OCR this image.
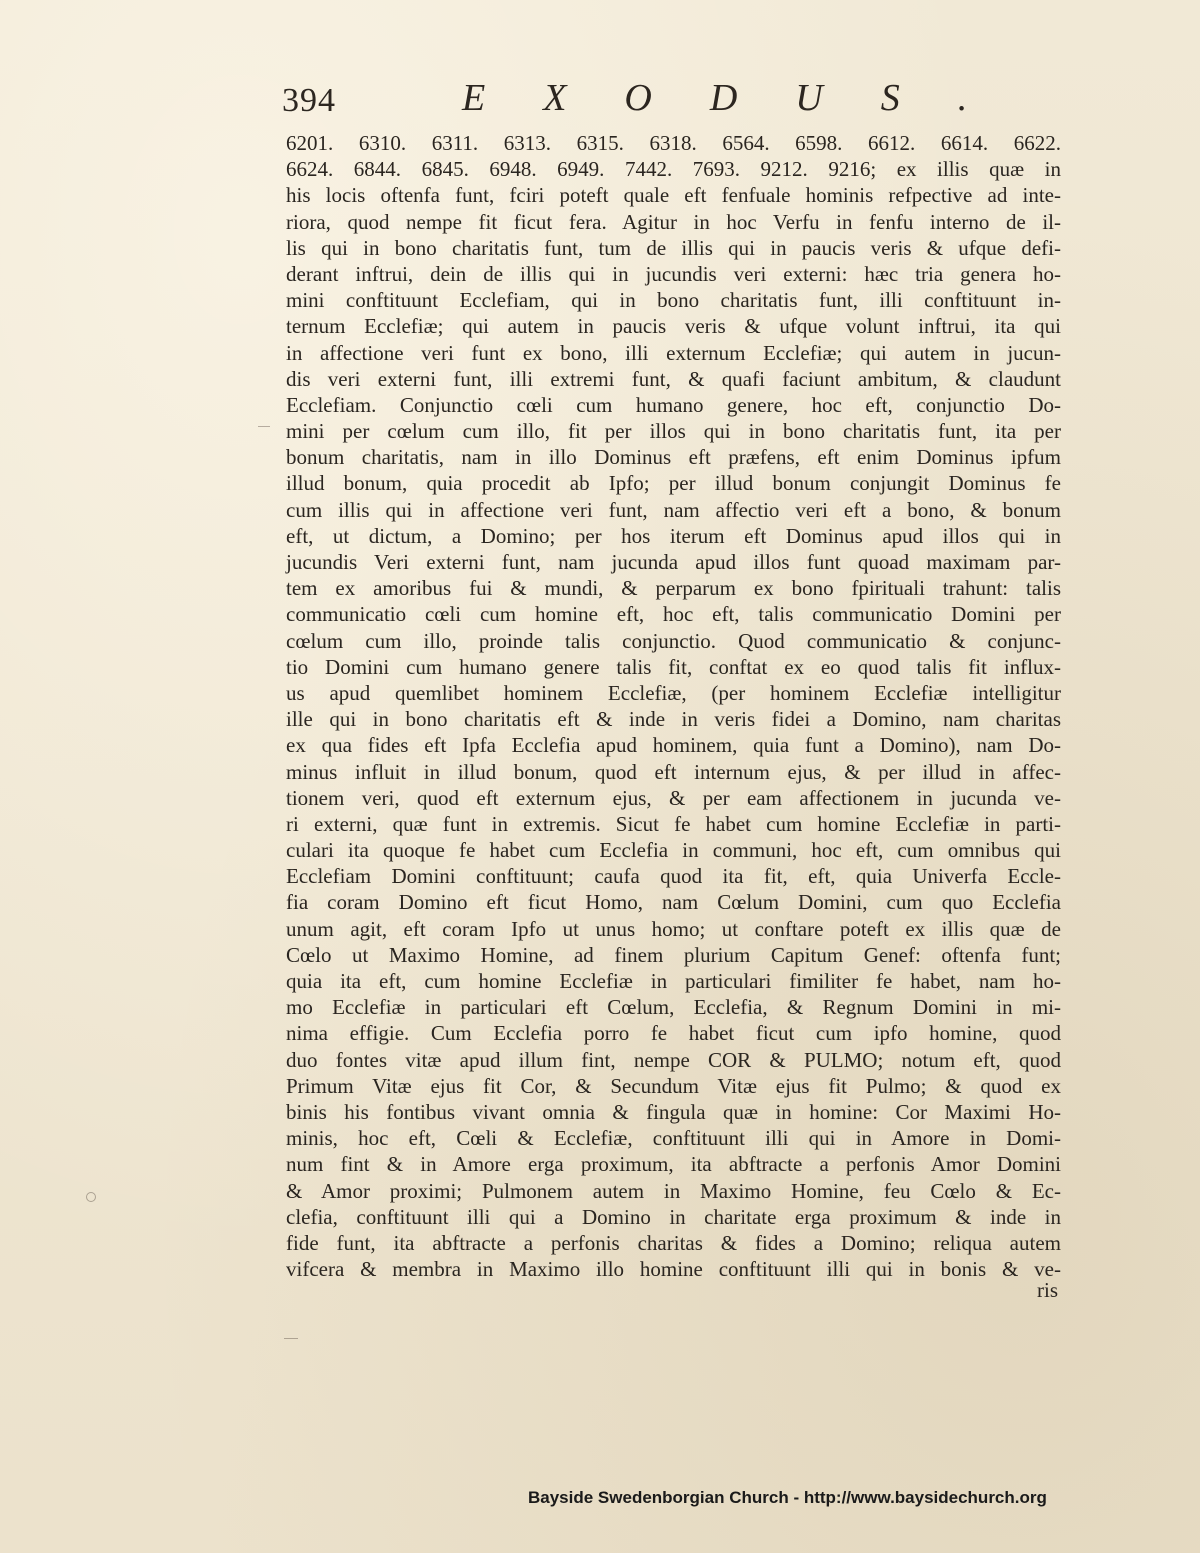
394	EXODUS.
6201. 6310. 6311. 6313. 6315. 6318. 6564. 6598. 6612. 6614. 6622.
6624. 6844. 6845. 6948. 6949. 7442. 7693. 9212. 9216; ex illis quæ in
his locis oftenfa funt, fciri poteft quale eft fenfuale hominis refpective ad inte-
riora, quod nempe fit ficut fera. Agitur in hoc Verfu in fenfu interno de il-
lis qui in bono charitatis funt, tum de illis qui in paucis veris & ufque defi-
derant inftrui, dein de illis qui in jucundis veri externi: hæc tria genera ho-
mini conftituunt Ecclefiam, qui in bono charitatis funt, illi conftituunt in-
ternum Ecclefiæ; qui autem in paucis veris & ufque volunt inftrui, ita qui
in affectione veri funt ex bono, illi externum Ecclefiæ; qui autem in jucun-
dis veri externi funt, illi extremi funt, & quafi faciunt ambitum, & claudunt
Ecclefiam. Conjunctio cœli cum humano genere, hoc eft, conjunctio Do-
mini per cœlum cum illo, fit per illos qui in bono charitatis funt, ita per
bonum charitatis, nam in illo Dominus eft præfens, eft enim Dominus ipfum
illud bonum, quia procedit ab Ipfo; per illud bonum conjungit Dominus fe
cum illis qui in affectione veri funt, nam affectio veri eft a bono, & bonum
eft, ut dictum, a Domino; per hos iterum eft Dominus apud illos qui in
jucundis Veri externi funt, nam jucunda apud illos funt quoad maximam par-
tem ex amoribus fui & mundi, & perparum ex bono fpirituali trahunt: talis
communicatio cœli cum homine eft, hoc eft, talis communicatio Domini per
cœlum cum illo, proinde talis conjunctio. Quod communicatio & conjunc-
tio Domini cum humano genere talis fit, conftat ex eo quod talis fit influx-
us apud quemlibet hominem Ecclefiæ, (per hominem Ecclefiæ intelligitur
ille qui in bono charitatis eft & inde in veris fidei a Domino, nam charitas
ex qua fides eft Ipfa Ecclefia apud hominem, quia funt a Domino), nam Do-
minus influit in illud bonum, quod eft internum ejus, & per illud in affec-
tionem veri, quod eft externum ejus, & per eam affectionem in jucunda ve-
ri externi, quæ funt in extremis. Sicut fe habet cum homine Ecclefiæ in parti-
culari ita quoque fe habet cum Ecclefia in communi, hoc eft, cum omnibus qui
Ecclefiam Domini conftituunt; caufa quod ita fit, eft, quia Univerfa Eccle-
fia coram Domino eft ficut Homo, nam Cœlum Domini, cum quo Ecclefia
unum agit, eft coram Ipfo ut unus homo; ut conftare poteft ex illis quæ de
Cœlo ut Maximo Homine, ad finem plurium Capitum Genef: oftenfa funt;
quia ita eft, cum homine Ecclefiæ in particulari fimiliter fe habet, nam ho-
mo Ecclefiæ in particulari eft Cœlum, Ecclefia, & Regnum Domini in mi-
nima effigie. Cum Ecclefia porro fe habet ficut cum ipfo homine, quod
duo fontes vitæ apud illum fint, nempe COR & PULMO; notum eft, quod
Primum Vitæ ejus fit Cor, & Secundum Vitæ ejus fit Pulmo; & quod ex
binis his fontibus vivant omnia & fingula quæ in homine: Cor Maximi Ho-
minis, hoc eft, Cœli & Ecclefiæ, conftituunt illi qui in Amore in Domi-
num fint & in Amore erga proximum, ita abftracte a perfonis Amor Domini
& Amor proximi; Pulmonem autem in Maximo Homine, feu Cœlo & Ec-
clefia, conftituunt illi qui a Domino in charitate erga proximum & inde in
fide funt, ita abftracte a perfonis charitas & fides a Domino; reliqua autem
vifcera & membra in Maximo illo homine conftituunt illi qui in bonis & ve-
ris
Bayside Swedenborgian Church - http://www.baysidechurch.org
